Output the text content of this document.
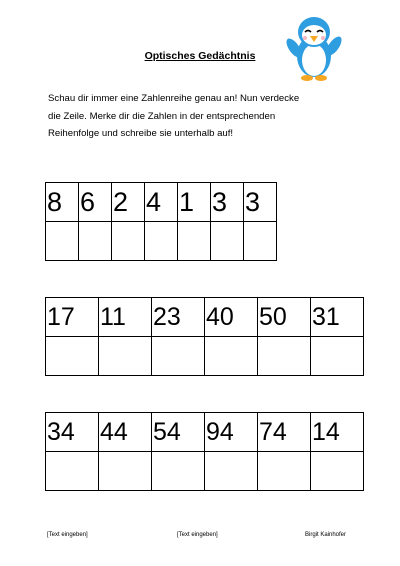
Optisches Gedächtnis
Schau dir immer eine Zahlenreihe genau an! Nun verdecke
die Zeile. Merke dir die Zahlen in der entsprechenden
Reihenfolge und schreibe sie unterhalb auf!
8	6	2	4	1	3	3

17	11	23	40	50	31

34	44	54	94	74	14

[Text eingeben]	[Text eingeben]	Birgit Kainhofer
